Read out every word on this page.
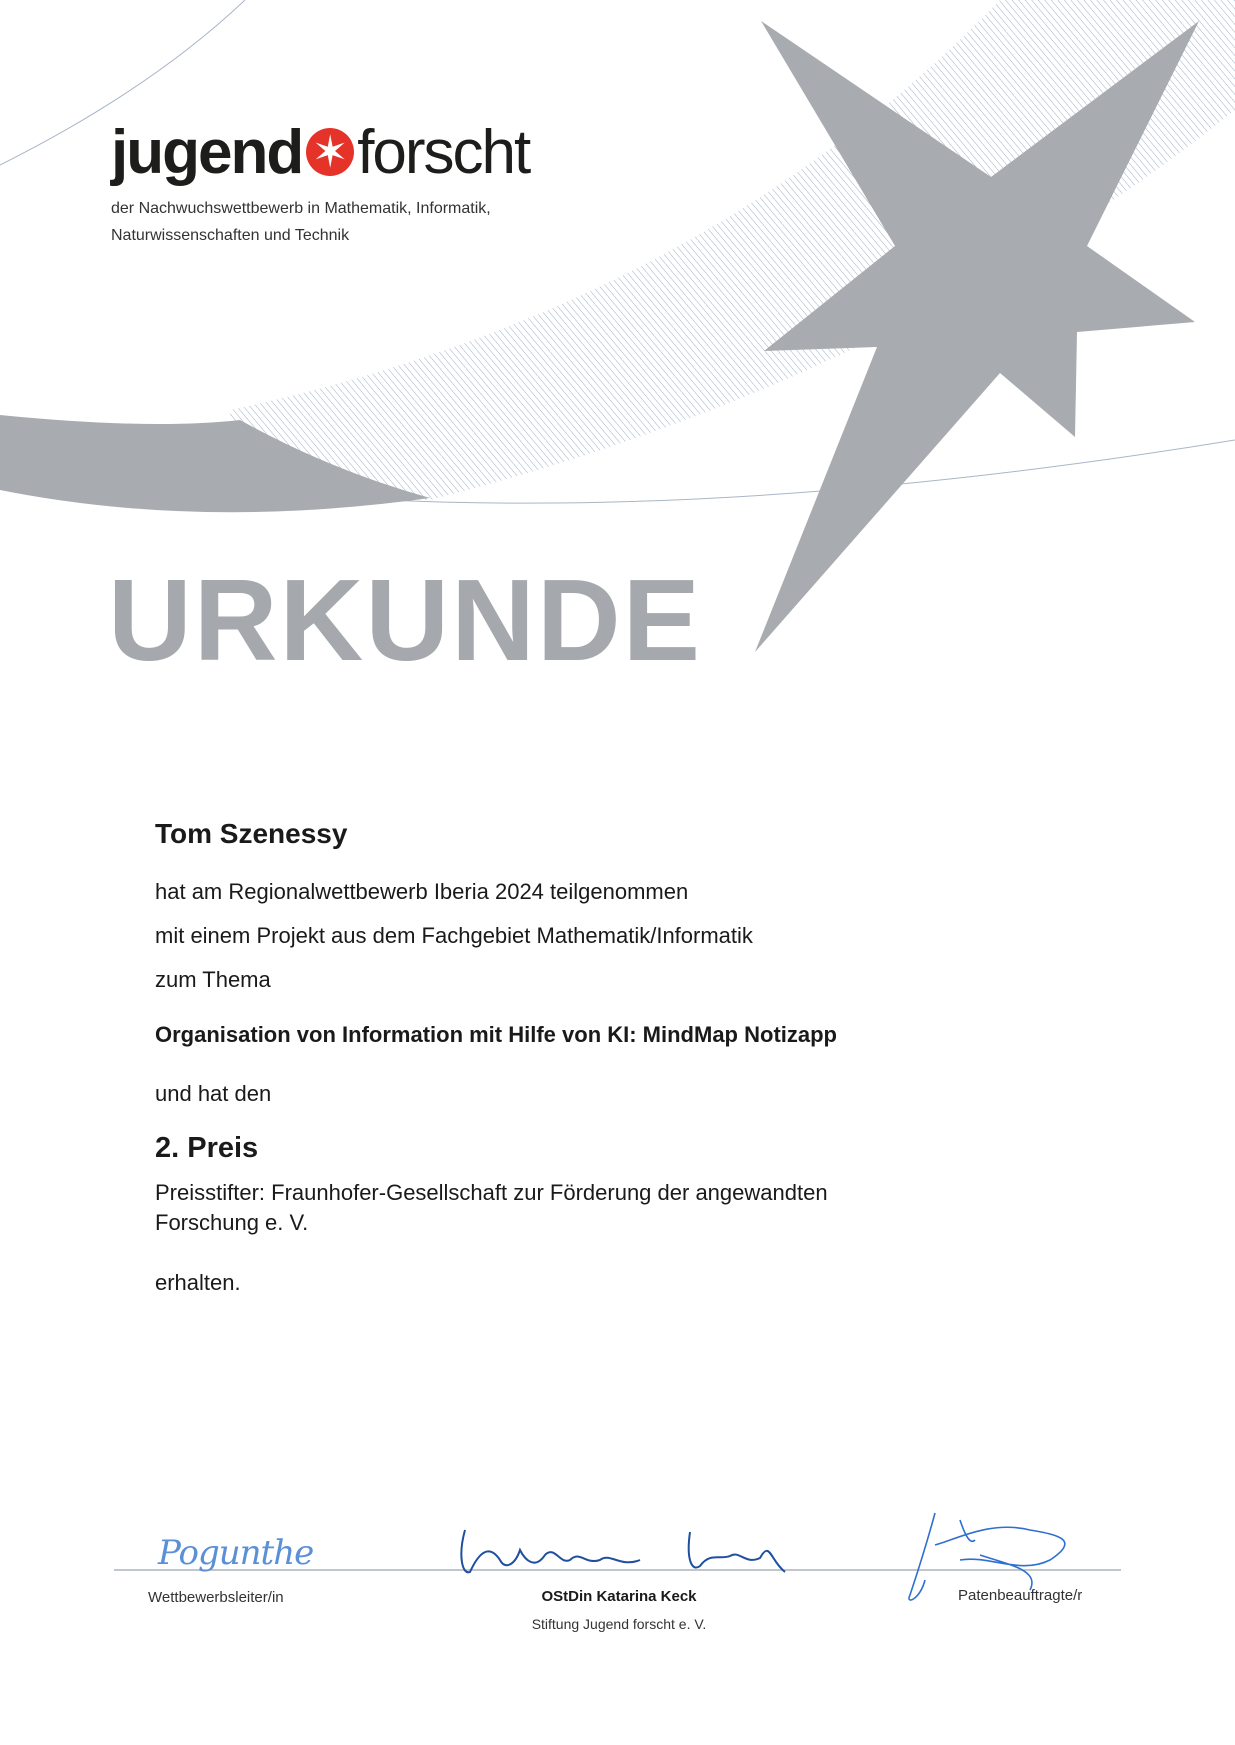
jugend ✶ forscht
der Nachwuchswettbewerb in Mathematik, Informatik,
Naturwissenschaften und Technik
URKUNDE
Tom Szenessy
hat am Regionalwettbewerb Iberia 2024 teilgenommen
mit einem Projekt aus dem Fachgebiet Mathematik/Informatik
zum Thema
Organisation von Information mit Hilfe von KI: MindMap Notizapp
und hat den
2. Preis
Preisstifter: Fraunhofer-Gesellschaft zur Förderung der angewandten
Forschung e. V.
erhalten.
Pogunthe
Wettbewerbsleiter/in	OStDin Katarina Keck
Stiftung Jugend forscht e. V.
Patenbeauftragte/r
